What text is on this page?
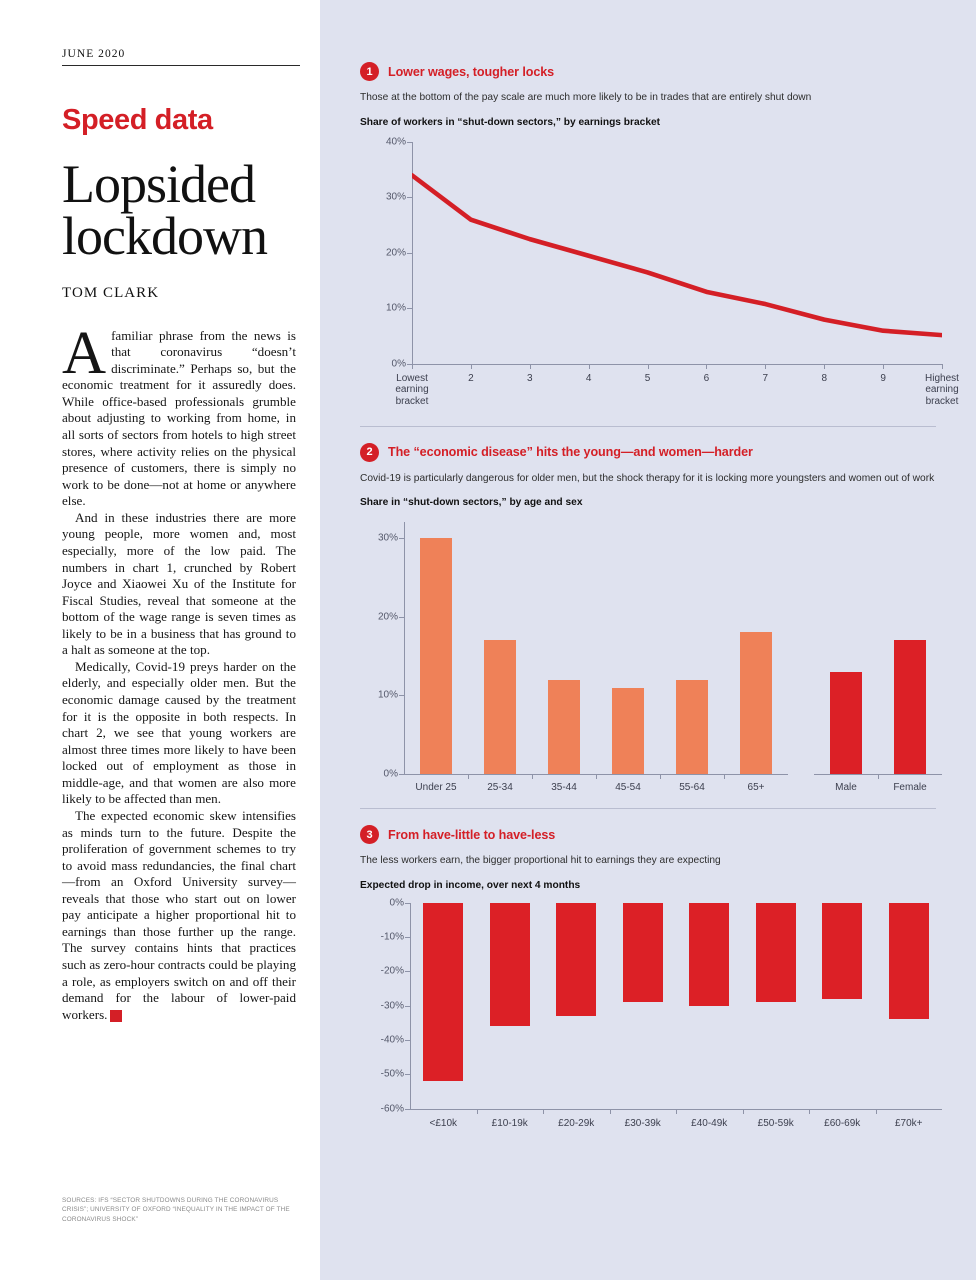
JUNE 2020
Speed data
Lopsided
lockdown
TOM CLARK

Afamiliar phrase from the news is that coronavirus “doesn’t discriminate.” Perhaps so, but the economic treatment for it assuredly does. While office-based professionals grumble about adjusting to working from home, in all sorts of sectors from hotels to high street stores, where activity relies on the physical presence of customers, there is simply no work to be done—not at home or anywhere else.

And in these industries there are more young people, more women and, most especially, more of the low paid. The numbers in chart 1, crunched by Robert Joyce and Xiaowei Xu of the Institute for Fiscal Studies, reveal that someone at the bottom of the wage range is seven times as likely to be in a business that has ground to a halt as someone at the top.

Medically, Covid-19 preys harder on the elderly, and especially older men. But the economic damage caused by the treatment for it is the opposite in both respects. In chart 2, we see that young workers are almost three times more likely to have been locked out of employment as those in middle-age, and that women are also more likely to be affected than men.

The expected economic skew intensifies as minds turn to the future. Despite the proliferation of government schemes to try to avoid mass redundancies, the final chart—from an Oxford University survey—reveals that those who start out on lower pay anticipate a higher proportional hit to earnings than those further up the range. The survey contains hints that practices such as zero-hour contracts could be playing a role, as employers switch on and off their demand for the labour of lower-paid workers. P

SOURCES: IFS “SECTOR SHUTDOWNS DURING THE CORONAVIRUS CRISIS”; UNIVERSITY OF OXFORD “INEQUALITY IN THE IMPACT OF THE CORONAVIRUS SHOCK”
1	Lower wages, tougher locks
Those at the bottom of the pay scale are much more likely to be in trades that are entirely shut down
Share of workers in “shut-down sectors,” by earnings bracket
0%
10%
20%
30%
40%
Lowest
earning
bracket
2	3	4	5	6	7	8	9	Highest
earning
bracket
2	The “economic disease” hits the young—and women—harder
Covid-19 is particularly dangerous for older men, but the shock therapy for it is locking more youngsters and women out of work
Share in “shut-down sectors,” by age and sex
0%
10%
20%
30%
Under 25	25-34	35-44	45-54	55-64	65+	Male	Female
3	From have-little to have-less
The less workers earn, the bigger proportional hit to earnings they are expecting
Expected drop in income, over next 4 months
0%
-10%
-20%
-30%
-40%
-50%
-60%
<£10k	£10-19k	£20-29k	£30-39k	£40-49k	£50-59k	£60-69k	£70k+
